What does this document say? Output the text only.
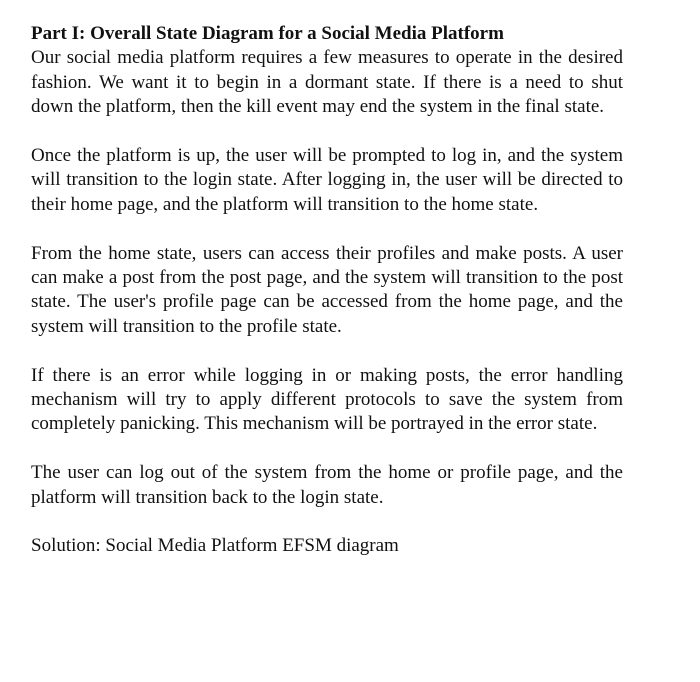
Part I: Overall State Diagram for a Social Media Platform

Our social media platform requires a few measures to operate in the desired fashion. We want it to begin in a dormant state. If there is a need to shut down the platform, then the kill event may end the system in the final state.

Once the platform is up, the user will be prompted to log in, and the system will transition to the login state. After logging in, the user will be directed to their home page, and the platform will transition to the home state.

From the home state, users can access their profiles and make posts. A user can make a post from the post page, and the system will transition to the post state. The user's profile page can be accessed from the home page, and the system will transition to the profile state.

If there is an error while logging in or making posts, the error handling mechanism will try to apply different protocols to save the system from completely panicking. This mechanism will be portrayed in the error state.

The user can log out of the system from the home or profile page, and the platform will transition back to the login state.

Solution: Social Media Platform EFSM diagram
